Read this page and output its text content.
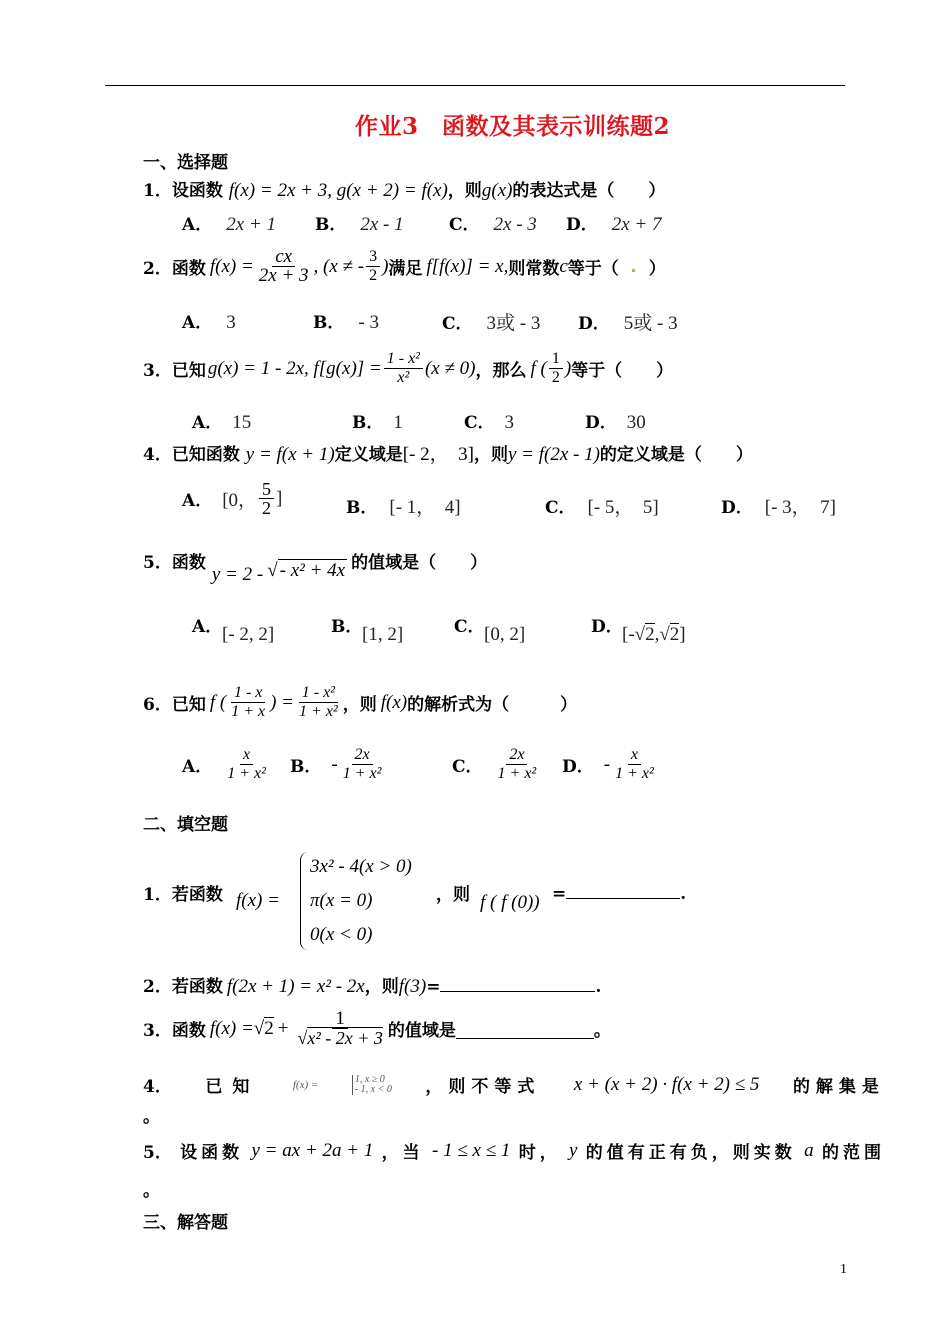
作业3　函数及其表示训练题2
一、选择题
1．设函数 f(x) = 2x + 3, g(x + 2) = f(x)，则g(x)的表达式是（　　）
A． 2x + 1 B． 2x - 1	C． 2x - 3 D． 2x + 7
2． 函数 $f(x) = \frac{cx}{2x + 3}$ , (x ≠ - $\frac{3}{2}$ ) 满足 f[f(x)] = x, 则常数 c 等于（ ）
A． 3	B． - 3	C． 3或 - 3 D． 5或 - 3
3． 已知 g(x) = 1 - 2x, $f[g(x)] = \frac{\text{1 - x²}}{\text{x²}} (x \ne 0)$ ，那么 f ( $\frac{1}{2}$ ) 等于（　　）
A． 15	B． 1	C． 3	D． 30
4．已知函数 y = f(x + 1)定义域是[- 2，　3]，则y = f(2x - 1)的定义域是（　　）
A． [0， $\frac{5}{2}$ ]	B． [- 1，　4]	C． [- 5，　5]	D． [- 3，　7]
5． 函数
y = 2 - √ - x² + 4x 的值域是（　　）
A． [- 2, 2]	B． [1, 2]	C． [0, 2]	D． [-√2,√2]
6． 已知 f ( $\frac{1 - x}{1 + x}$ ) = $\frac{\text{1 - x²}}{\text{1 + x²}}$ ，则 f(x) 的解析式为（　　　）
A． $\frac{x}{\text{1 + x²}}$ B． - $\frac{2x}{\text{1 + x²}}$	C． $\frac{2x}{\text{1 + x²}}$ D． - $\frac{x}{\text{1 + x²}}$
二、填空题
1．若函数 f(x) =
3x² - 4(x > 0)
π(x = 0)
0(x < 0)
，则 f ( f (0)) =	.
2．若函数 f(2x + 1) = x² - 2x，则f(3)=	.
3． 函数 $f(x) = √2 + \frac{1}{\text{√x² - 2x + 3}}$ 的值域是	。
4． 已知	f(x) =	1, x ≥ 0
- 1, x < 0 ，则不等式 x + (x + 2) · f(x + 2) ≤ 5 的解集是
。
5． 设函数 y = ax + 2a + 1 ，当 - 1 ≤ x ≤ 1 时， y 的值有正有负，则实数 a 的范围
。
三、解答题
1
